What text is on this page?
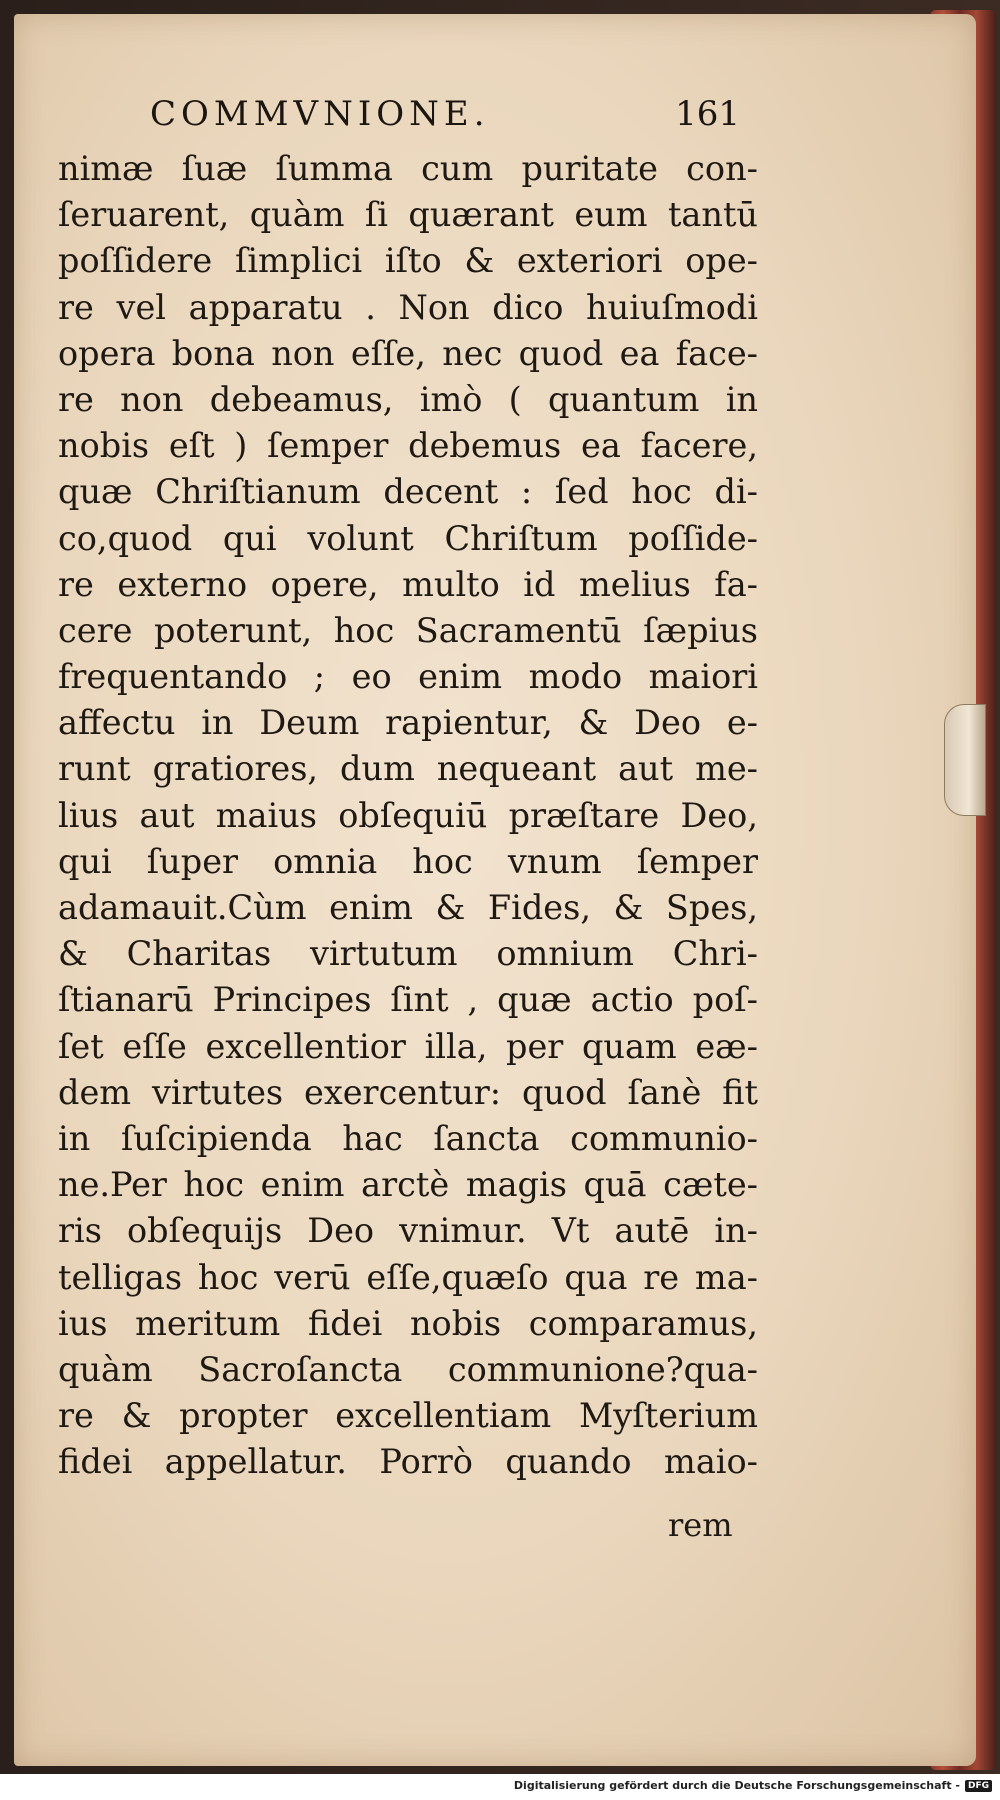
COMMVNIONE.	161
nimæ ſuæ ſumma cum puritate con-
ſeruarent, quàm ſi quærant eum tantū
poſſidere ſimplici iſto & exteriori ope-
re vel apparatu . Non dico huiuſmodi
opera bona non eſſe, nec quod ea face-
re non debeamus, imò ( quantum in
nobis eſt ) ſemper debemus ea facere,
quæ Chriſtianum decent : ſed hoc di-
co,quod qui volunt Chriſtum poſſide-
re externo opere, multo id melius fa-
cere poterunt, hoc Sacramentū ſæpius
frequentando ; eo enim modo maiori
affectu in Deum rapientur, & Deo e-
runt gratiores, dum nequeant aut me-
lius aut maius obſequiū præſtare Deo,
qui ſuper omnia hoc vnum ſemper
adamauit.Cùm enim & Fides, & Spes,
& Charitas virtutum omnium Chri-
ſtianarū Principes ſint , quæ actio poſ-
ſet eſſe excellentior illa, per quam eæ-
dem virtutes exercentur: quod ſanè fit
in ſuſcipienda hac ſancta communio-
ne.Per hoc enim arctè magis quā cæte-
ris obſequijs Deo vnimur. Vt autē in-
telligas hoc verū eſſe,quæſo qua re ma-
ius meritum fidei nobis comparamus,
quàm Sacroſancta communione?qua-
re & propter excellentiam Myſterium
fidei appellatur. Porrò quando maio-
rem
Digitalisierung gefördert durch die Deutsche Forschungsgemeinschaft - DFG
